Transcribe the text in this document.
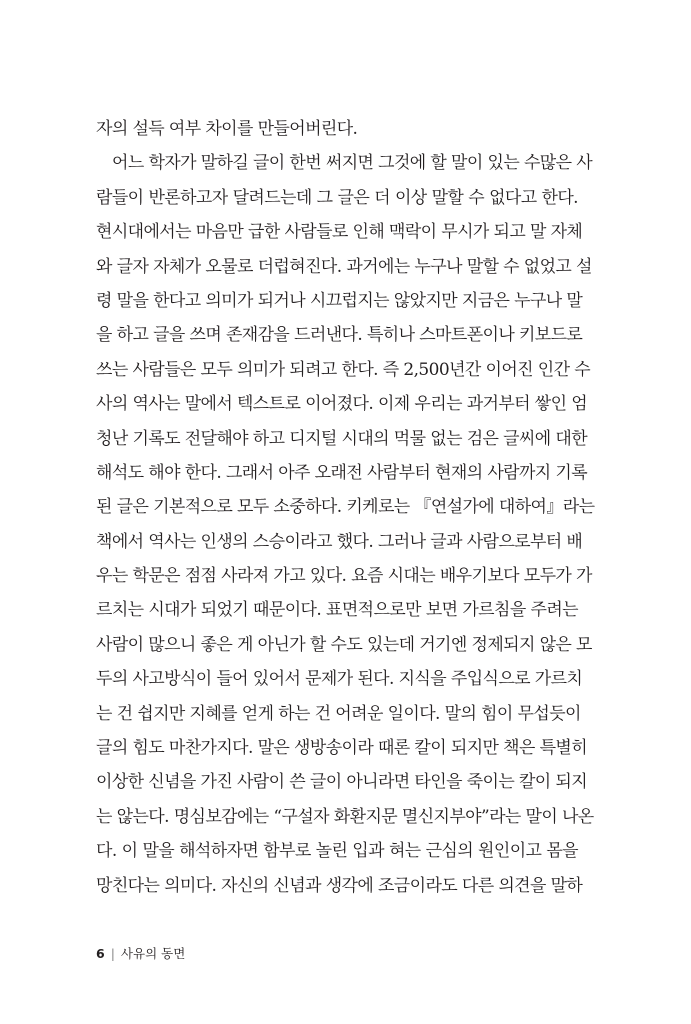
자의 설득 여부 차이를 만들어버린다.
어느 학자가 말하길 글이 한번 써지면 그것에 할 말이 있는 수많은 사
람들이 반론하고자 달려드는데 그 글은 더 이상 말할 수 없다고 한다.
현시대에서는 마음만 급한 사람들로 인해 맥락이 무시가 되고 말 자체
와 글자 자체가 오물로 더럽혀진다. 과거에는 누구나 말할 수 없었고 설
령 말을 한다고 의미가 되거나 시끄럽지는 않았지만 지금은 누구나 말
을 하고 글을 쓰며 존재감을 드러낸다. 특히나 스마트폰이나 키보드로
쓰는 사람들은 모두 의미가 되려고 한다. 즉 2,500년간 이어진 인간 수
사의 역사는 말에서 텍스트로 이어졌다. 이제 우리는 과거부터 쌓인 엄
청난 기록도 전달해야 하고 디지털 시대의 먹물 없는 검은 글씨에 대한
해석도 해야 한다. 그래서 아주 오래전 사람부터 현재의 사람까지 기록
된 글은 기본적으로 모두 소중하다. 키케로는 『연설가에 대하여』라는
책에서 역사는 인생의 스승이라고 했다. 그러나 글과 사람으로부터 배
우는 학문은 점점 사라져 가고 있다. 요즘 시대는 배우기보다 모두가 가
르치는 시대가 되었기 때문이다. 표면적으로만 보면 가르침을 주려는
사람이 많으니 좋은 게 아닌가 할 수도 있는데 거기엔 정제되지 않은 모
두의 사고방식이 들어 있어서 문제가 된다. 지식을 주입식으로 가르치
는 건 쉽지만 지혜를 얻게 하는 건 어려운 일이다. 말의 힘이 무섭듯이
글의 힘도 마찬가지다. 말은 생방송이라 때론 칼이 되지만 책은 특별히
이상한 신념을 가진 사람이 쓴 글이 아니라면 타인을 죽이는 칼이 되지
는 않는다. 명심보감에는 “구설자 화환지문 멸신지부야”라는 말이 나온
다. 이 말을 해석하자면 함부로 놀린 입과 혀는 근심의 원인이고 몸을
망친다는 의미다. 자신의 신념과 생각에 조금이라도 다른 의견을 말하
6 | 사유의 동면
